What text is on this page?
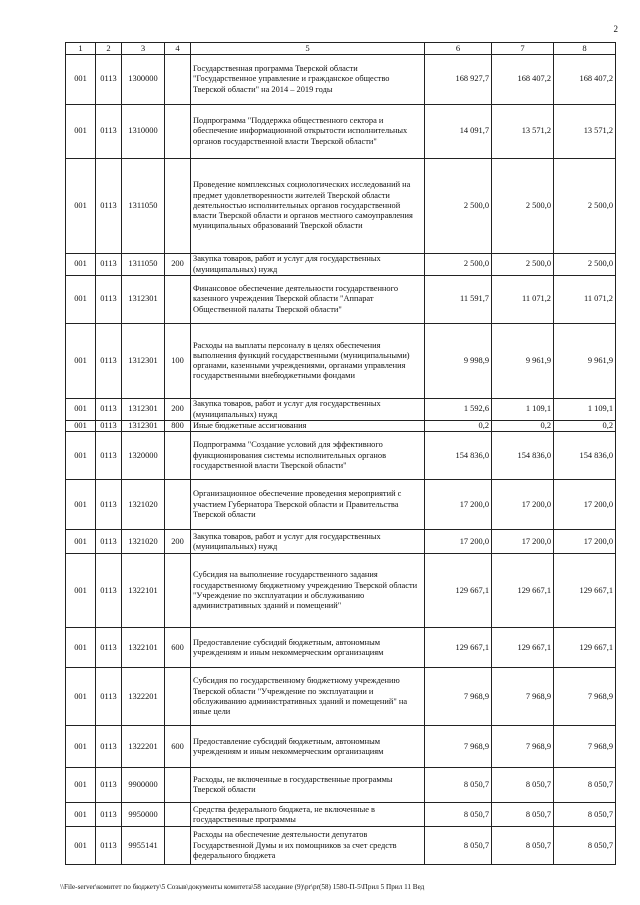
2
1	2	3	4	5	6	7	8
001	0113	1300000		Государственная программа Тверской области "Государственное управление и гражданское общество Тверской области" на 2014 – 2019 годы	168 927,7	168 407,2	168 407,2
001	0113	1310000		Подпрограмма "Поддержка общественного сектора и обеспечение информационной открытости исполнительных органов государственной власти Тверской области"	14 091,7	13 571,2	13 571,2
001	0113	1311050		Проведение комплексных социологических исследований на предмет удовлетворенности жителей Тверской области деятельностью исполнительных органов государственной власти Тверской области и органов местного самоуправления муниципальных образований Тверской области	2 500,0	2 500,0	2 500,0
001	0113	1311050	200	Закупка товаров, работ и услуг для государственных (муниципальных) нужд	2 500,0	2 500,0	2 500,0
001	0113	1312301		Финансовое обеспечение деятельности государственного казенного учреждения Тверской области "Аппарат Общественной палаты Тверской области"	11 591,7	11 071,2	11 071,2
001	0113	1312301	100	Расходы на выплаты персоналу в целях обеспечения выполнения функций государственными (муниципальными) органами, казенными учреждениями, органами управления государственными внебюджетными фондами	9 998,9	9 961,9	9 961,9
001	0113	1312301	200	Закупка товаров, работ и услуг для государственных (муниципальных) нужд	1 592,6	1 109,1	1 109,1
001	0113	1312301	800	Иные бюджетные ассигнования	0,2	0,2	0,2
001	0113	1320000		Подпрограмма "Создание условий для эффективного функционирования системы исполнительных органов государственной власти Тверской области"	154 836,0	154 836,0	154 836,0
001	0113	1321020		Организационное обеспечение проведения мероприятий с участием Губернатора Тверской области и Правительства Тверской области	17 200,0	17 200,0	17 200,0
001	0113	1321020	200	Закупка товаров, работ и услуг для государственных (муниципальных) нужд	17 200,0	17 200,0	17 200,0
001	0113	1322101		Субсидия на выполнение государственного задания государственному бюджетному учреждению Тверской области "Учреждение по эксплуатации и обслуживанию административных зданий и помещений"	129 667,1	129 667,1	129 667,1
001	0113	1322101	600	Предоставление субсидий бюджетным, автономным учреждениям и иным некоммерческим организациям	129 667,1	129 667,1	129 667,1
001	0113	1322201		Субсидия по государственному бюджетному учреждению Тверской области "Учреждение по эксплуатации и обслуживанию административных зданий и помещений" на иные цели	7 968,9	7 968,9	7 968,9
001	0113	1322201	600	Предоставление субсидий бюджетным, автономным учреждениям и иным некоммерческим организациям	7 968,9	7 968,9	7 968,9
001	0113	9900000		Расходы, не включенные в государственные программы Тверской области	8 050,7	8 050,7	8 050,7
001	0113	9950000		Средства федерального бюджета, не включенные в государственные программы	8 050,7	8 050,7	8 050,7
001	0113	9955141		Расходы на обеспечение деятельности депутатов Государственной Думы и их помощников за счет средств федерального бюджета	8 050,7	8 050,7	8 050,7
\\File-server\комитет по бюджету\5 Созыв\документы комитета\58 заседание (9)\pr\pr(58) 1580-П-5\Прил 5 Прил 11 Вед
